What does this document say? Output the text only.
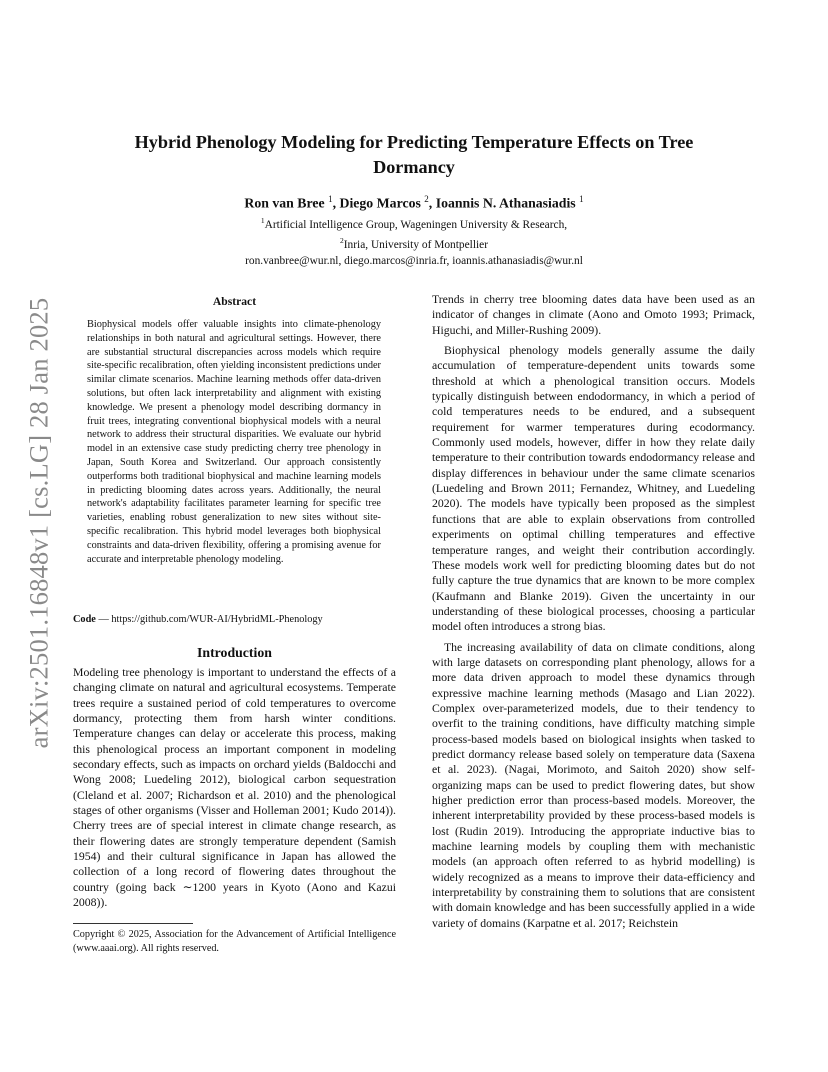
arXiv:2501.16848v1 [cs.LG] 28 Jan 2025
Hybrid Phenology Modeling for Predicting Temperature Effects on Tree Dormancy
Ron van Bree $^1$, Diego Marcos $^2$, Ioannis N. Athanasiadis $^1$
$^1$Artificial Intelligence Group, Wageningen University & Research,
$^2$Inria, University of Montpellier
ron.vanbree@wur.nl, diego.marcos@inria.fr, ioannis.athanasiadis@wur.nl
Abstract
Biophysical models offer valuable insights into climate-phenology relationships in both natural and agricultural settings. However, there are substantial structural discrepancies across models which require site-specific recalibration, often yielding inconsistent predictions under similar climate scenarios. Machine learning methods offer data-driven solutions, but often lack interpretability and alignment with existing knowledge. We present a phenology model describing dormancy in fruit trees, integrating conventional biophysical models with a neural network to address their structural disparities. We evaluate our hybrid model in an extensive case study predicting cherry tree phenology in Japan, South Korea and Switzerland. Our approach consistently outperforms both traditional biophysical and machine learning models in predicting blooming dates across years. Additionally, the neural network's adaptability facilitates parameter learning for specific tree varieties, enabling robust generalization to new sites without site-specific recalibration. This hybrid model leverages both biophysical constraints and data-driven flexibility, offering a promising avenue for accurate and interpretable phenology modeling.
Code — https://github.com/WUR-AI/HybridML-Phenology
Introduction

Modeling tree phenology is important to understand the effects of a changing climate on natural and agricultural ecosystems. Temperate trees require a sustained period of cold temperatures to overcome dormancy, protecting them from harsh winter conditions. Temperature changes can delay or accelerate this process, making this phenological process an important component in modeling secondary effects, such as impacts on orchard yields (Baldocchi and Wong 2008; Luedeling 2012), biological carbon sequestration (Cleland et al. 2007; Richardson et al. 2010) and the phenological stages of other organisms (Visser and Holleman 2001; Kudo 2014)). Cherry trees are of special interest in climate change research, as their flowering dates are strongly temperature dependent (Samish 1954) and their cultural significance in Japan has allowed the collection of a long record of flowering dates throughout the country (going back ∼1200 years in Kyoto (Aono and Kazui 2008)).

Copyright © 2025, Association for the Advancement of Artificial Intelligence (www.aaai.org). All rights reserved.

Trends in cherry tree blooming dates data have been used as an indicator of changes in climate (Aono and Omoto 1993; Primack, Higuchi, and Miller-Rushing 2009).

Biophysical phenology models generally assume the daily accumulation of temperature-dependent units towards some threshold at which a phenological transition occurs. Models typically distinguish between endodormancy, in which a period of cold temperatures needs to be endured, and a subsequent requirement for warmer temperatures during ecodormancy. Commonly used models, however, differ in how they relate daily temperature to their contribution towards endodormancy release and display differences in behaviour under the same climate scenarios (Luedeling and Brown 2011; Fernandez, Whitney, and Luedeling 2020). The models have typically been proposed as the simplest functions that are able to explain observations from controlled experiments on optimal chilling temperatures and effective temperature ranges, and weight their contribution accordingly. These models work well for predicting blooming dates but do not fully capture the true dynamics that are known to be more complex (Kaufmann and Blanke 2019). Given the uncertainty in our understanding of these biological processes, choosing a particular model often introduces a strong bias.

The increasing availability of data on climate conditions, along with large datasets on corresponding plant phenology, allows for a more data driven approach to model these dynamics through expressive machine learning methods (Masago and Lian 2022). Complex over-parameterized models, due to their tendency to overfit to the training conditions, have difficulty matching simple process-based models based on biological insights when tasked to predict dormancy release based solely on temperature data (Saxena et al. 2023). (Nagai, Morimoto, and Saitoh 2020) show self-organizing maps can be used to predict flowering dates, but show higher prediction error than process-based models. Moreover, the inherent interpretability provided by these process-based models is lost (Rudin 2019). Introducing the appropriate inductive bias to machine learning models by coupling them with mechanistic models (an approach often referred to as hybrid modelling) is widely recognized as a means to improve their data-efficiency and interpretability by constraining them to solutions that are consistent with domain knowledge and has been successfully applied in a wide variety of domains (Karpatne et al. 2017; Reichstein
